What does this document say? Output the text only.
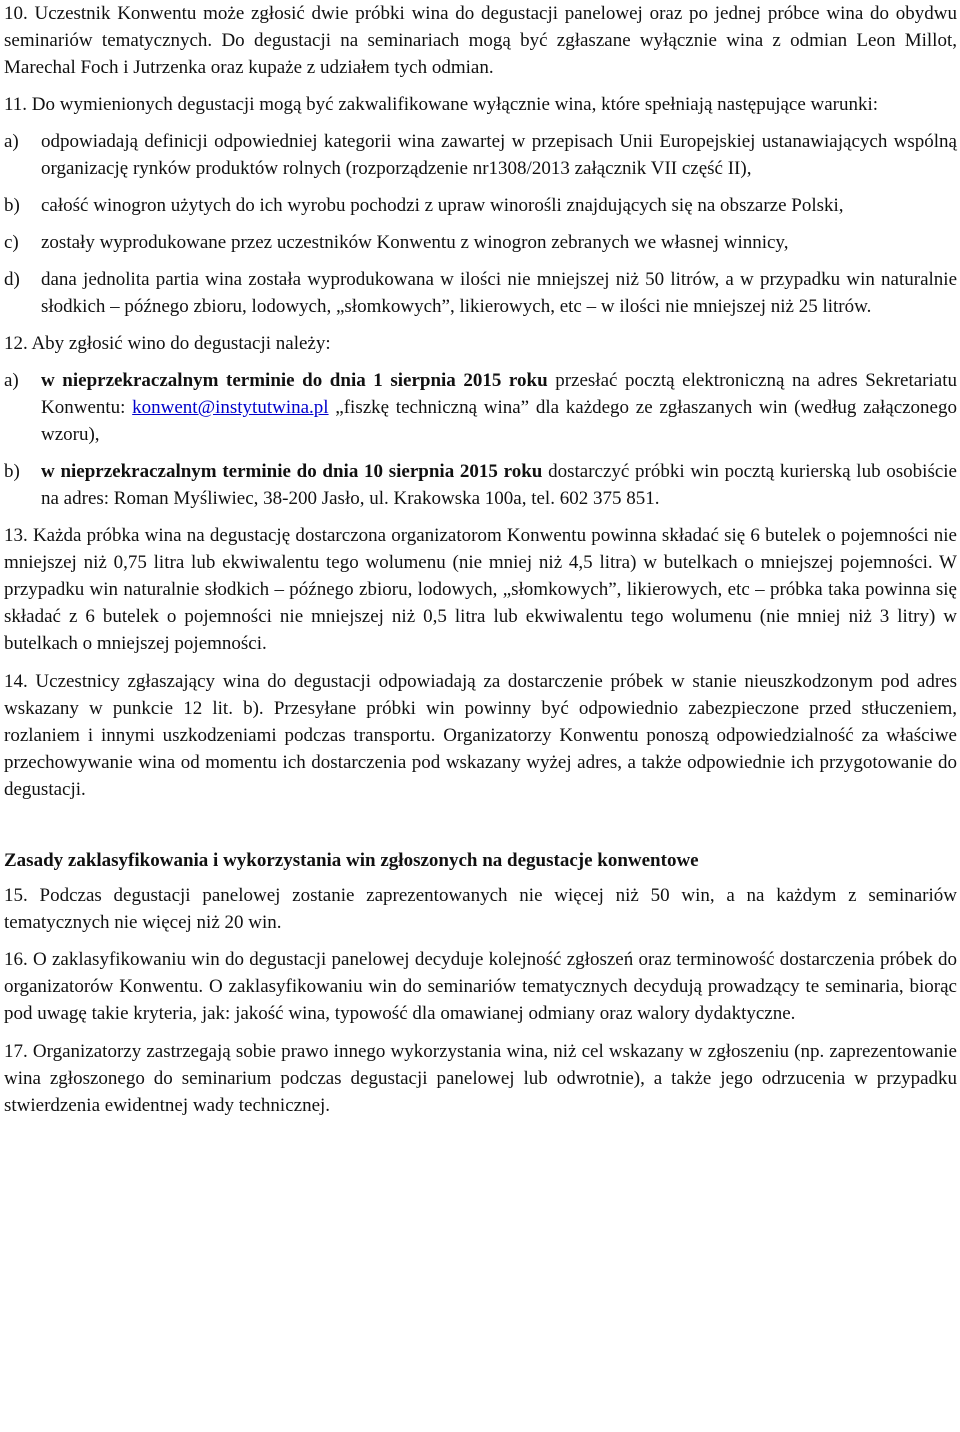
10. Uczestnik Konwentu może zgłosić dwie próbki wina do degustacji panelowej oraz po jednej próbce wina do obydwu seminariów tematycznych. Do degustacji na seminariach mogą być zgłaszane wyłącznie wina z odmian Leon Millot, Marechal Foch i Jutrzenka oraz kupaże z udziałem tych odmian.

11. Do wymienionych degustacji mogą być zakwalifikowane wyłącznie wina, które spełniają następujące warunki:

a)	odpowiadają definicji odpowiedniej kategorii wina zawartej w przepisach Unii Europejskiej ustanawiających wspólną organizację rynków produktów rolnych (rozporządzenie nr1308/2013 załącznik VII część II),
b)	całość winogron użytych do ich wyrobu pochodzi z upraw winorośli znajdujących się na obszarze Polski,
c)	zostały wyprodukowane przez uczestników Konwentu z winogron zebranych we własnej winnicy,
d)	dana jednolita partia wina została wyprodukowana w ilości nie mniejszej niż 50 litrów, a w przypadku win naturalnie słodkich – późnego zbioru, lodowych, „słomkowych”, likierowych, etc – w ilości nie mniejszej niż 25 litrów.

12. Aby zgłosić wino do degustacji należy:

a)	w nieprzekraczalnym terminie do dnia 1 sierpnia 2015 roku przesłać pocztą elektroniczną na adres Sekretariatu Konwentu: konwent@instytutwina.pl „fiszkę techniczną wina” dla każdego ze zgłaszanych win (według załączonego wzoru),
b)	w nieprzekraczalnym terminie do dnia 10 sierpnia 2015 roku dostarczyć próbki win pocztą kurierską lub osobiście na adres: Roman Myśliwiec, 38-200 Jasło, ul. Krakowska 100a, tel. 602 375 851.

13. Każda próbka wina na degustację dostarczona organizatorom Konwentu powinna składać się 6 butelek o pojemności nie mniejszej niż 0,75 litra lub ekwiwalentu tego wolumenu (nie mniej niż 4,5 litra) w butelkach o mniejszej pojemności. W przypadku win naturalnie słodkich – późnego zbioru, lodowych, „słomkowych”, likierowych, etc – próbka taka powinna się składać z 6 butelek o pojemności nie mniejszej niż 0,5 litra lub ekwiwalentu tego wolumenu (nie mniej niż 3 litry) w butelkach o mniejszej pojemności.

14. Uczestnicy zgłaszający wina do degustacji odpowiadają za dostarczenie próbek w stanie nieuszkodzonym pod adres wskazany w punkcie 12 lit. b). Przesyłane próbki win powinny być odpowiednio zabezpieczone przed stłuczeniem, rozlaniem i innymi uszkodzeniami podczas transportu. Organizatorzy Konwentu ponoszą odpowiedzialność za właściwe przechowywanie wina od momentu ich dostarczenia pod wskazany wyżej adres, a także odpowiednie ich przygotowanie do degustacji.

Zasady zaklasyfikowania i wykorzystania win zgłoszonych na degustacje konwentowe

15. Podczas degustacji panelowej zostanie zaprezentowanych nie więcej niż 50 win, a na każdym z seminariów tematycznych nie więcej niż 20 win.

16. O zaklasyfikowaniu win do degustacji panelowej decyduje kolejność zgłoszeń oraz terminowość dostarczenia próbek do organizatorów Konwentu. O zaklasyfikowaniu win do seminariów tematycznych decydują prowadzący te seminaria, biorąc pod uwagę takie kryteria, jak: jakość wina, typowość dla omawianej odmiany oraz walory dydaktyczne.

17. Organizatorzy zastrzegają sobie prawo innego wykorzystania wina, niż cel wskazany w zgłoszeniu (np. zaprezentowanie wina zgłoszonego do seminarium podczas degustacji panelowej lub odwrotnie), a także jego odrzucenia w przypadku stwierdzenia ewidentnej wady technicznej.
